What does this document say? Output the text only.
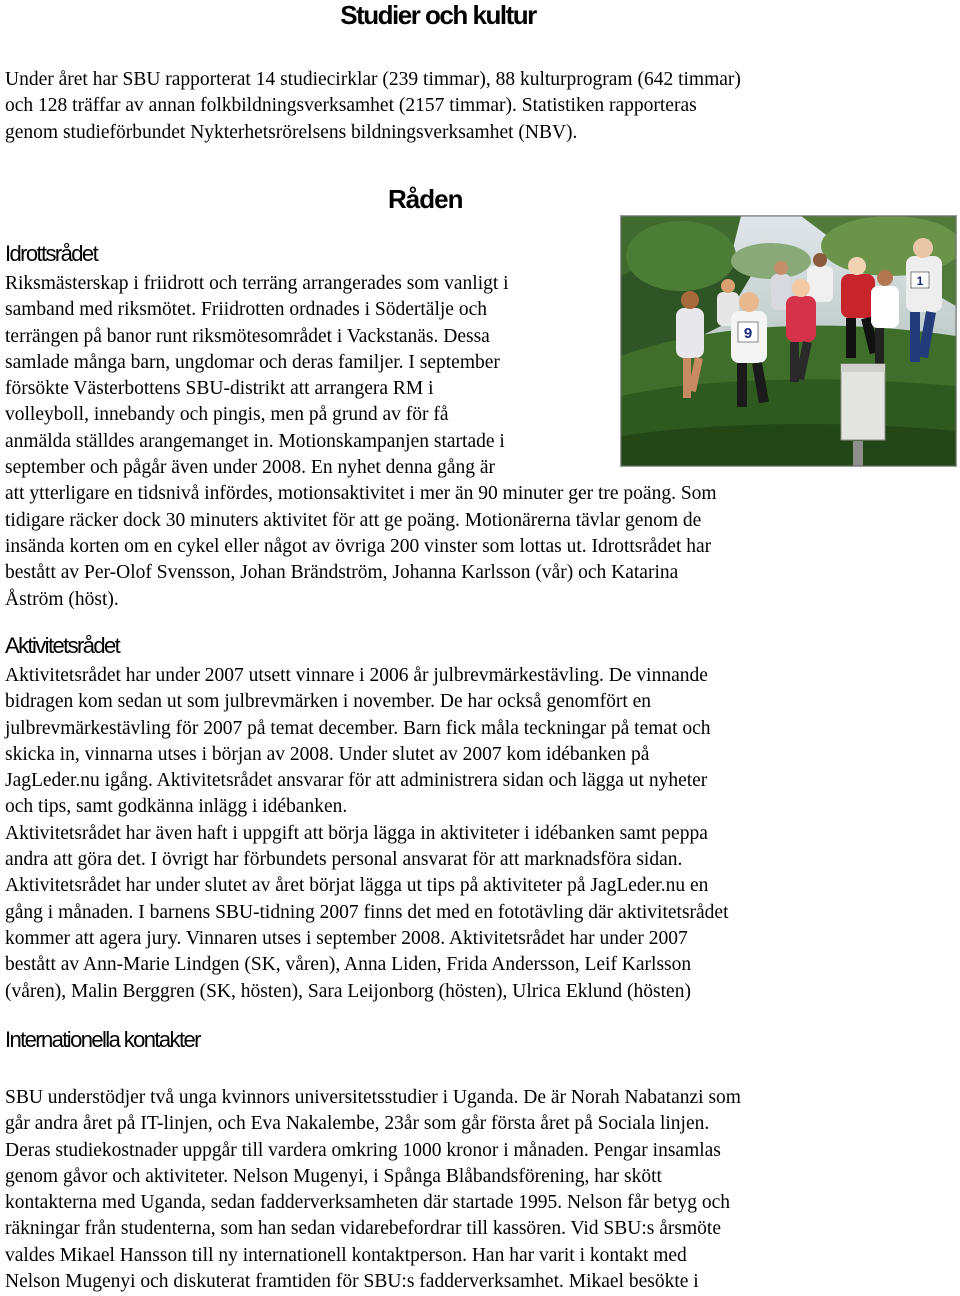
Studier och kultur

Under året har SBU rapporterat 14 studiecirklar (239 timmar), 88 kulturprogram (642 timmar)

och 128 träffar av annan folkbildningsverksamhet (2157 timmar). Statistiken rapporteras

genom studieförbundet Nykterhetsrörelsens bildningsverksamhet (NBV).

Råden
9
1
Idrottsrådet

Riksmästerskap i friidrott och terräng arrangerades som vanligt i

samband med riksmötet. Friidrotten ordnades i Södertälje och

terrängen på banor runt riksmötesområdet i Vackstanäs. Dessa

samlade många barn, ungdomar och deras familjer. I september

försökte Västerbottens SBU-distrikt att arrangera RM i

volleyboll, innebandy och pingis, men på grund av för få

anmälda ställdes arangemanget in. Motionskampanjen startade i

september och pågår även under 2008. En nyhet denna gång är

att ytterligare en tidsnivå infördes, motionsaktivitet i mer än 90 minuter ger tre poäng. Som

tidigare räcker dock 30 minuters aktivitet för att ge poäng. Motionärerna tävlar genom de

insända korten om en cykel eller något av övriga 200 vinster som lottas ut. Idrottsrådet har

bestått av Per-Olof Svensson, Johan Brändström, Johanna Karlsson (vår) och Katarina

Åström (höst).

Aktivitetsrådet

Aktivitetsrådet har under 2007 utsett vinnare i 2006 år julbrevmärkestävling. De vinnande

bidragen kom sedan ut som julbrevmärken i november. De har också genomfört en

julbrevmärkestävling för 2007 på temat december. Barn fick måla teckningar på temat och

skicka in, vinnarna utses i början av 2008. Under slutet av 2007 kom idébanken på

JagLeder.nu igång. Aktivitetsrådet ansvarar för att administrera sidan och lägga ut nyheter

och tips, samt godkänna inlägg i idébanken.

Aktivitetsrådet har även haft i uppgift att börja lägga in aktiviteter i idébanken samt peppa

andra att göra det. I övrigt har förbundets personal ansvarat för att marknadsföra sidan.

Aktivitetsrådet har under slutet av året börjat lägga ut tips på aktiviteter på JagLeder.nu en

gång i månaden. I barnens SBU-tidning 2007 finns det med en fototävling där aktivitetsrådet

kommer att agera jury. Vinnaren utses i september 2008. Aktivitetsrådet har under 2007

bestått av Ann-Marie Lindgen (SK, våren), Anna Liden, Frida Andersson, Leif Karlsson

(våren), Malin Berggren (SK, hösten), Sara Leijonborg (hösten), Ulrica Eklund (hösten)

Internationella kontakter

SBU understödjer två unga kvinnors universitetsstudier i Uganda. De är Norah Nabatanzi som

går andra året på IT-linjen, och Eva Nakalembe, 23år som går första året på Sociala linjen.

Deras studiekostnader uppgår till vardera omkring 1000 kronor i månaden. Pengar insamlas

genom gåvor och aktiviteter. Nelson Mugenyi, i Spånga Blåbandsförening, har skött

kontakterna med Uganda, sedan fadderverksamheten där startade 1995. Nelson får betyg och

räkningar från studenterna, som han sedan vidarebefordrar till kassören. Vid SBU:s årsmöte

valdes Mikael Hansson till ny internationell kontaktperson. Han har varit i kontakt med

Nelson Mugenyi och diskuterat framtiden för SBU:s fadderverksamhet. Mikael besökte i
